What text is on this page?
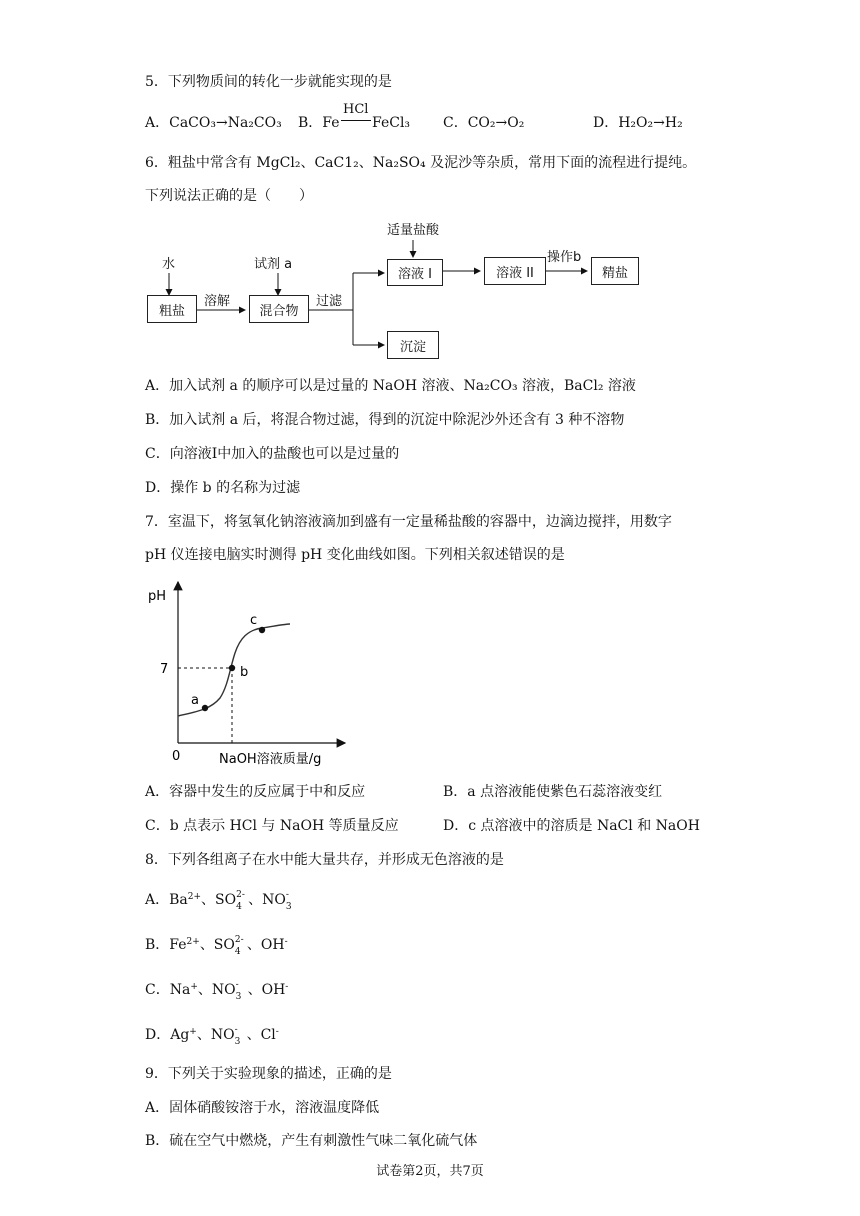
5．下列物质间的转化一步就能实现的是
A．CaCO₃→Na₂CO₃ B．Fe
HCl
FeCl₃ C．CO₂→O₂	D．H₂O₂→H₂
6．粗盐中常含有 MgCl₂、CaC1₂、Na₂SO₄ 及泥沙等杂质，常用下面的流程进行提纯。
下列说法正确的是（　　）
水
粗盐
溶解
试剂 a
混合物
过滤
适量盐酸
溶液 I
沉淀
溶液 II
操作b
精盐
A．加入试剂 a 的顺序可以是过量的 NaOH 溶液、Na₂CO₃ 溶液，BaCl₂ 溶液
B．加入试剂 a 后，将混合物过滤，得到的沉淀中除泥沙外还含有 3 种不溶物
C．向溶液I中加入的盐酸也可以是过量的
D．操作 b 的名称为过滤
7．室温下，将氢氧化钠溶液滴加到盛有一定量稀盐酸的容器中，边滴边搅拌，用数字
pH 仪连接电脑实时测得 pH 变化曲线如图。下列相关叙述错误的是
pH
7
0	NaOH溶液质量/g
a
b
c
A．容器中发生的反应属于中和反应	B．a 点溶液能使紫色石蕊溶液变红
C．b 点表示 HCl 与 NaOH 等质量反应	D．c 点溶液中的溶质是 NaCl 和 NaOH
8．下列各组离子在水中能大量共存，并形成无色溶液的是
A．$Ba^{2+}$、SO 2-
4 、NO -
3
B．$Fe^{2+}$、SO 2-
4 、OH-
C．Na+、NO -
3 、OH-
D．Ag+、NO -
3 、Cl-
9．下列关于实验现象的描述，正确的是
A．固体硝酸铵溶于水，溶液温度降低
B．硫在空气中燃烧，产生有刺激性气味二氧化硫气体
试卷第2页，共7页
